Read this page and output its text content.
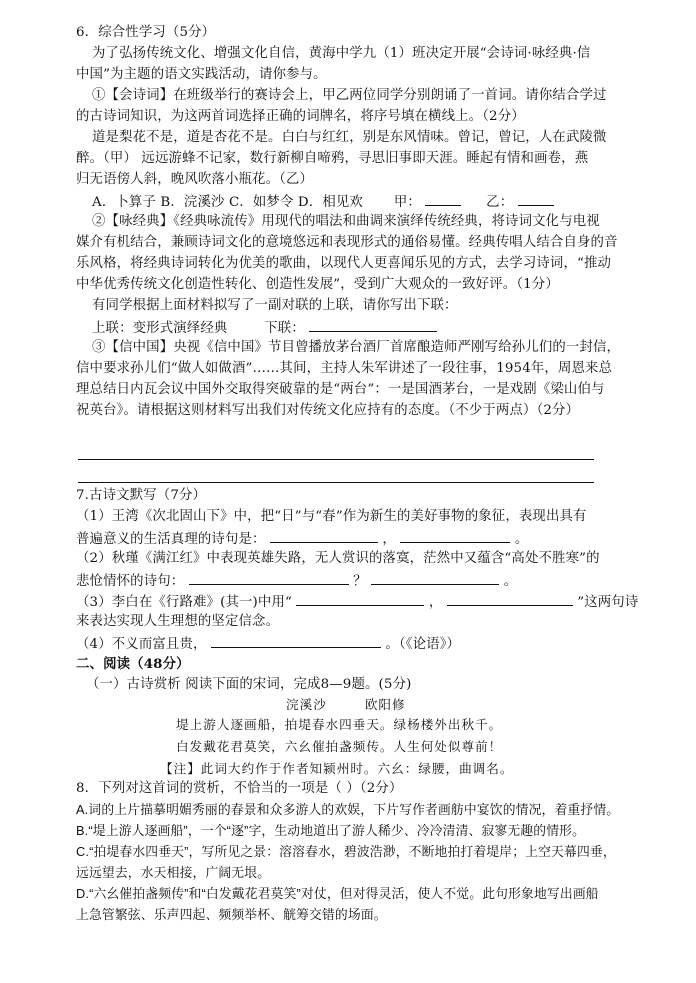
6．综合性学习（5分）
为了弘扬传统文化、增强文化自信，黄海中学九（1）班决定开展“会诗词·咏经典·信
中国”为主题的语文实践活动，请你参与。
①【会诗词】在班级举行的赛诗会上，甲乙两位同学分别朗诵了一首词。请你结合学过
的古诗词知识，为这两首词选择正确的词牌名，将序号填在横线上。（2分）
道是梨花不是，道是杏花不是。白白与红红，别是东风情味。曾记，曾记，人在武陵微
醉。（甲） 远远游蜂不记家，数行新柳自啼鸦，寻思旧事即天涯。睡起有情和画卷，燕
归无语傍人斜，晚风吹落小瓶花。（乙）
A．卜算子 B．浣溪沙 C．如梦令 D．相见欢 甲：	乙：
②【咏经典】《经典咏流传》用现代的唱法和曲调来演绎传统经典，将诗词文化与电视
媒介有机结合，兼顾诗词文化的意境悠远和表现形式的通俗易懂。经典传唱人结合自身的音
乐风格，将经典诗词转化为优美的歌曲，以现代人更喜闻乐见的方式，去学习诗词，“推动
中华优秀传统文化创造性转化、创造性发展”，受到广大观众的一致好评。（1分）
有同学根据上面材料拟写了一副对联的上联，请你写出下联：
上联：变形式演绎经典	下联：
③【信中国】央视《信中国》节目曾播放茅台酒厂首席酿造师严刚写给孙儿们的一封信，
信中要求孙儿们“做人如做酒”……其间，主持人朱军讲述了一段往事，1954年，周恩来总
理总结日内瓦会议中国外交取得突破靠的是“两台”：一是国酒茅台，一是戏剧《梁山伯与
祝英台》。请根据这则材料写出我们对传统文化应持有的态度。（不少于两点）（2分）
7.古诗文默写（7分）
（1）王湾《次北固山下》中，把“日”与“春”作为新生的美好事物的象征，表现出具有
普遍意义的生活真理的诗句是：	，	。
（2）秋瑾《满江红》中表现英雄失路，无人赏识的落寞，茫然中又蕴含“高处不胜寒”的
悲怆情怀的诗句：	？	。
（3）李白在《行路难》(其一)中用“	，	”这两句诗
来表达实现人生理想的坚定信念。
（4）不义而富且贵，	。（《论语》）
二、阅读（48分）
（一）古诗赏析 阅读下面的宋词，完成8—9题。(5分)
浣溪沙	欧阳修
堤上游人逐画船，拍堤春水四垂天。绿杨楼外出秋千。
白发戴花君莫笑，六幺催拍盏频传。人生何处似尊前！
【注】此词大约作于作者知颍州时。六幺：绿腰，曲调名。
8．下列对这首词的赏析，不恰当的一项是（ ）（2分）
A.词的上片描摹明媚秀丽的春景和众多游人的欢娱，下片写作者画舫中宴饮的情况，着重抒情。
B.“堤上游人逐画船”，一个“逐”字，生动地道出了游人稀少、冷冷清清、寂寥无趣的情形。
C.“拍堤春水四垂天”，写所见之景：溶溶春水，碧波浩渺，不断地拍打着堤岸；上空天幕四垂，
远远望去，水天相接，广阔无垠。
D.“六幺催拍盏频传”和“白发戴花君莫笑”对仗，但对得灵活，使人不觉。此句形象地写出画船
上急管繁弦、乐声四起、频频举杯、觥筹交错的场面。
